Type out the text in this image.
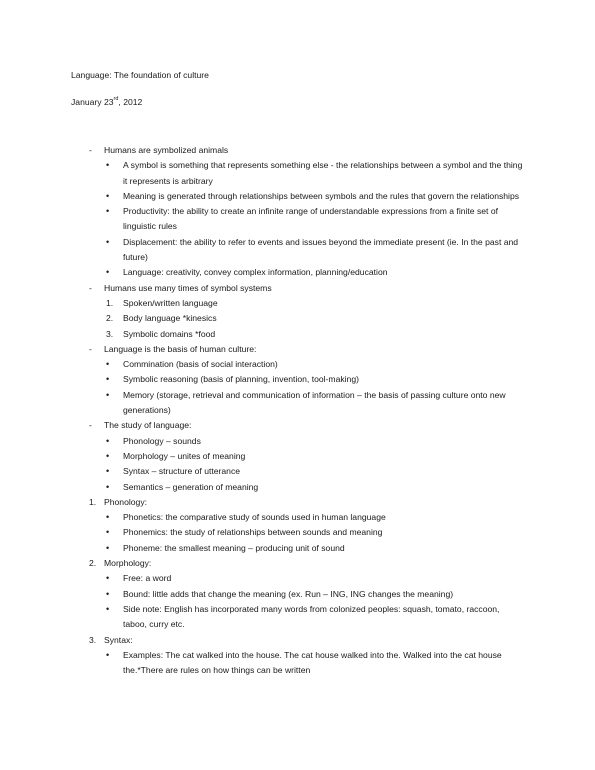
Language: The foundation of culture
January 23rd, 2012
- Humans are symbolized animals
• A symbol is something that represents something else - the relationships between a symbol and the thing it represents is arbitrary
• Meaning is generated through relationships between symbols and the rules that govern the relationships
• Productivity: the ability to create an infinite range of understandable expressions from a finite set of linguistic rules
• Displacement: the ability to refer to events and issues beyond the immediate present (ie. In the past and future)
• Language: creativity, convey complex information, planning/education
- Humans use many times of symbol systems
1. Spoken/written language
2. Body language *kinesics
3. Symbolic domains *food
- Language is the basis of human culture:
• Commination (basis of social interaction)
• Symbolic reasoning (basis of planning, invention, tool-making)
• Memory (storage, retrieval and communication of information – the basis of passing culture onto new generations)
- The study of language:
• Phonology – sounds
• Morphology – unites of meaning
• Syntax – structure of utterance
• Semantics – generation of meaning
1. Phonology:
• Phonetics: the comparative study of sounds used in human language
• Phonemics: the study of relationships between sounds and meaning
• Phoneme: the smallest meaning – producing unit of sound
2. Morphology:
• Free: a word
• Bound: little adds that change the meaning (ex. Run – ING, ING changes the meaning)
• Side note: English has incorporated many words from colonized peoples: squash, tomato, raccoon, taboo, curry etc.
3. Syntax:
• Examples: The cat walked into the house. The cat house walked into the. Walked into the cat house the.*There are rules on how things can be written
